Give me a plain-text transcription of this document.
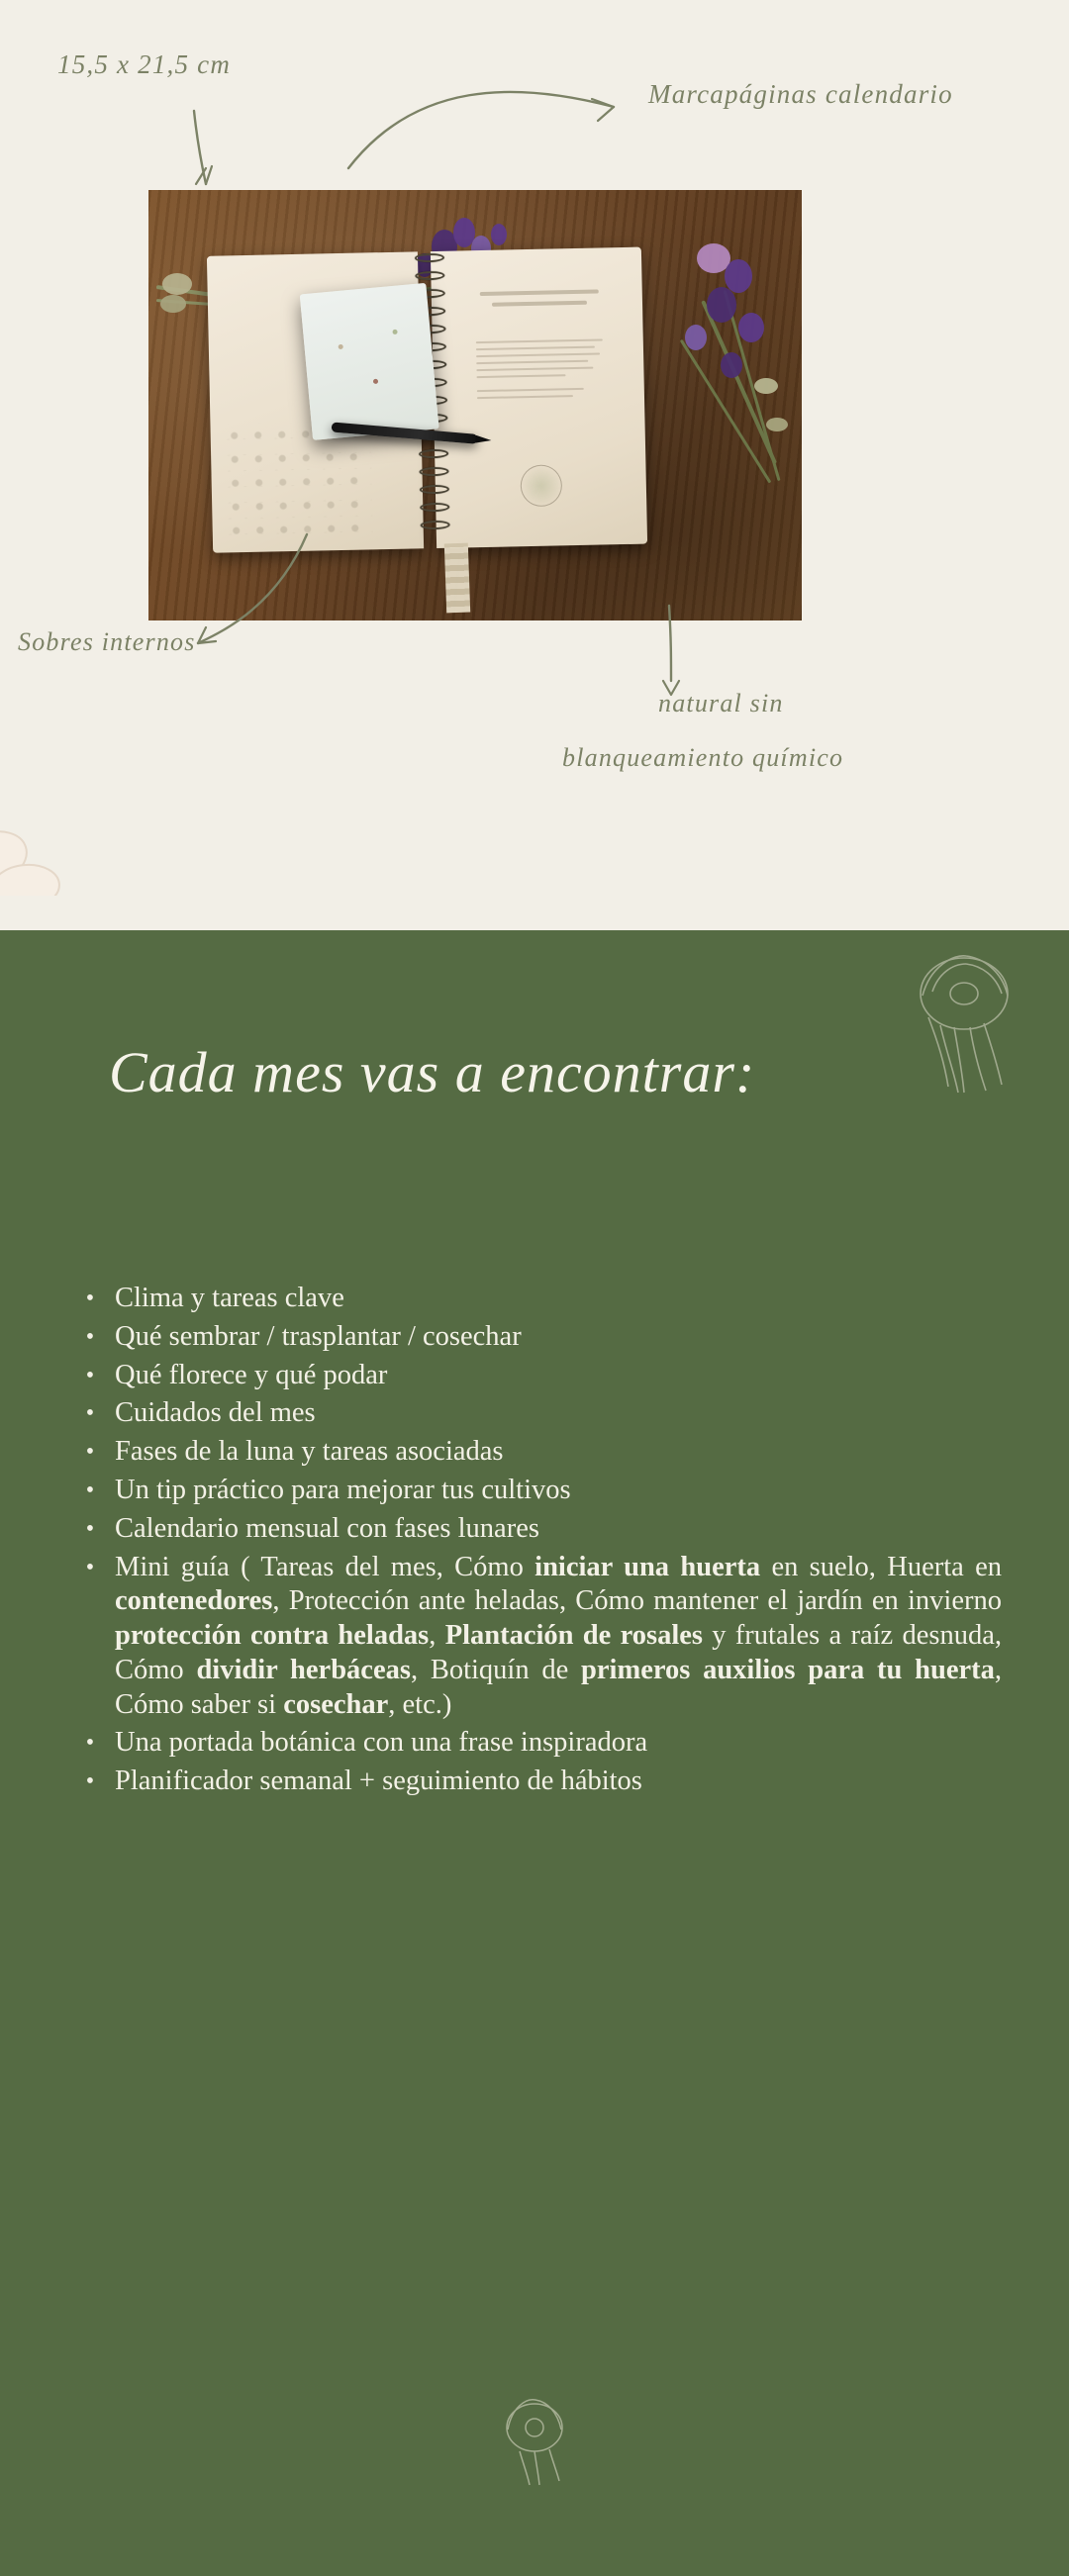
15,5 x 21,5 cm
Marcapáginas calendario
Sobres internos
natural sin
blanqueamiento químico
Cada mes vas a encontrar:
• Clima y tareas clave
• Qué sembrar / trasplantar / cosechar
• Qué florece y qué podar
• Cuidados del mes
• Fases de la luna y tareas asociadas
• Un tip práctico para mejorar tus cultivos
• Calendario mensual con fases lunares
• Mini guía ( Tareas del mes, Cómo iniciar una huerta en suelo, Huerta en contenedores, Protección ante heladas, Cómo mantener el jardín en invierno protección contra heladas, Plantación de rosales y frutales a raíz desnuda, Cómo dividir herbáceas, Botiquín de primeros auxilios para tu huerta, Cómo saber si cosechar, etc.)
• Una portada botánica con una frase inspiradora
• Planificador semanal + seguimiento de hábitos
